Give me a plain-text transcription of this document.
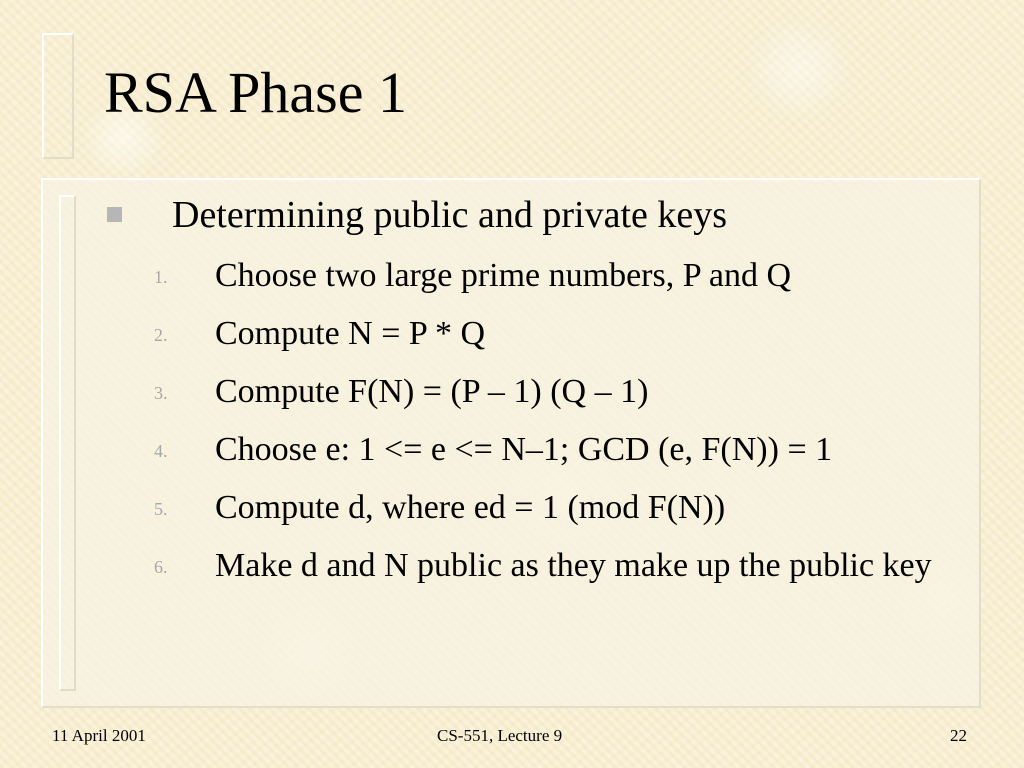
RSA Phase 1
Determining public and private keys
1.	Choose two large prime numbers, P and Q
2.	Compute N = P * Q
3.	Compute F(N) = (P – 1) (Q – 1)
4.	Choose e: 1 <= e <= N–1; GCD (e, F(N)) = 1
5.	Compute d, where ed = 1 (mod F(N))
6.	Make d and N public as they make up the public key
11 April 2001	CS-551, Lecture 9	22
